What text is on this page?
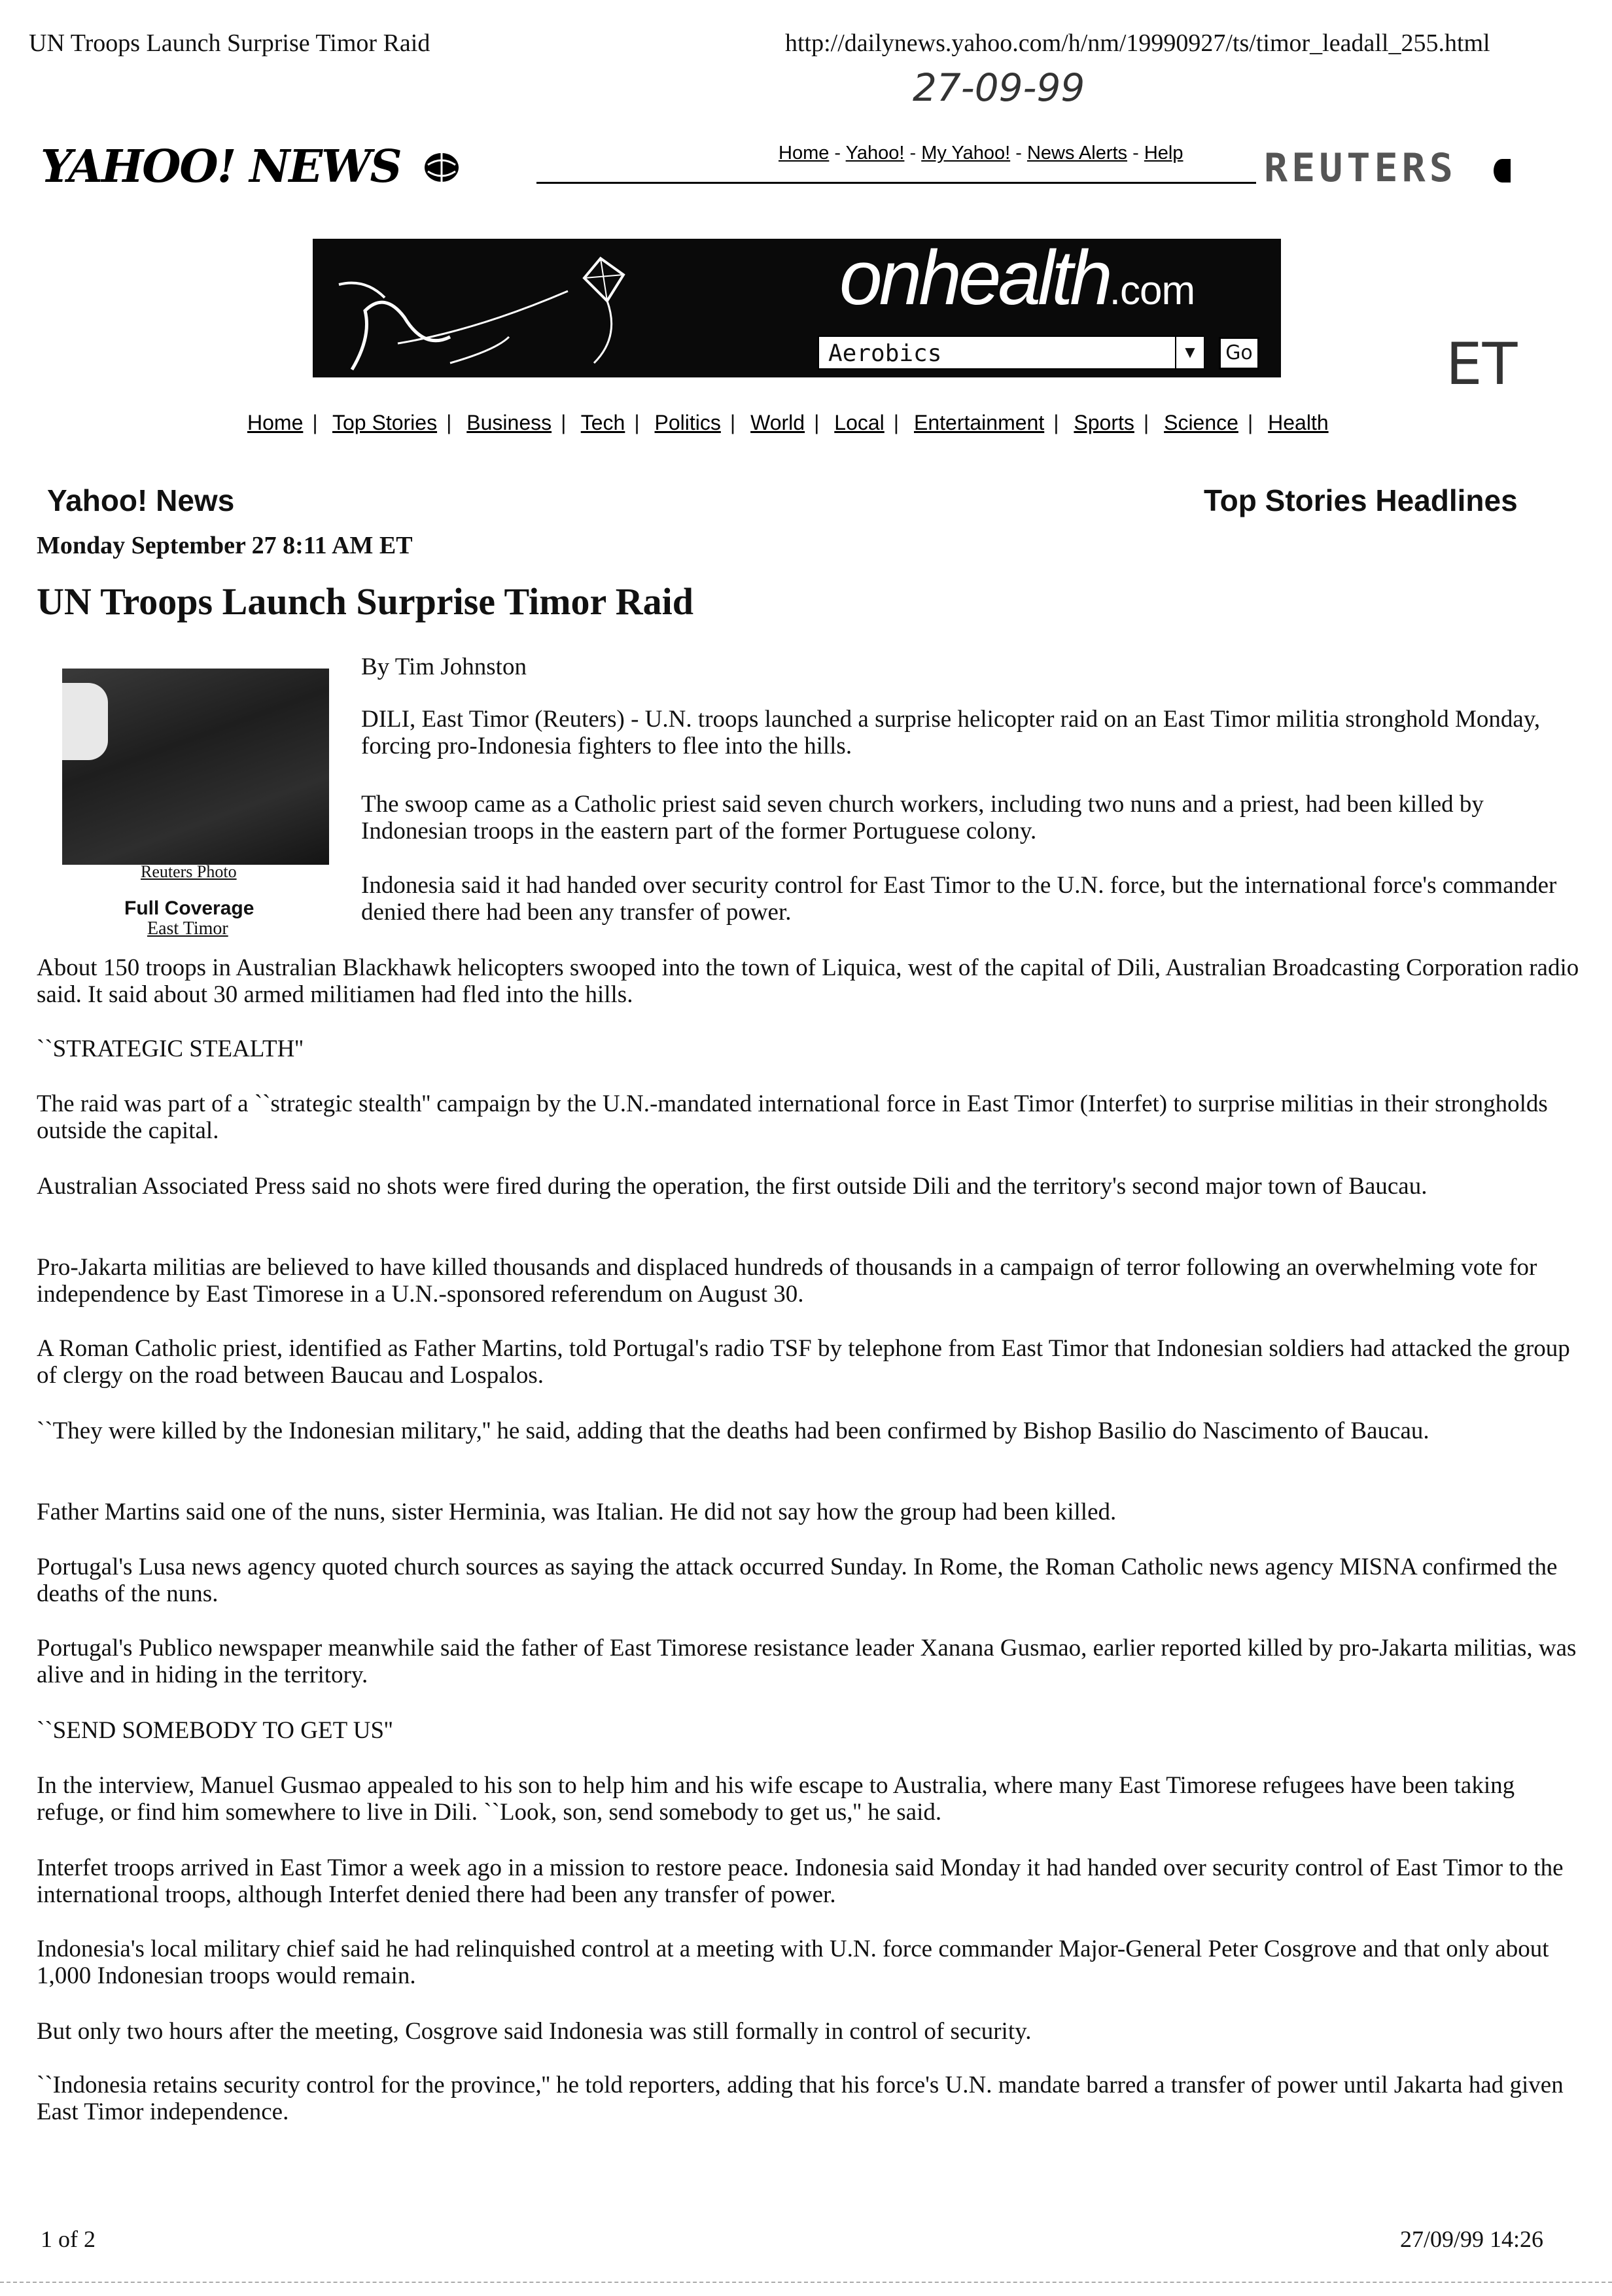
UN Troops Launch Surprise Timor Raid	http://dailynews.yahoo.com/h/nm/19990927/ts/timor_leadall_255.html
27-09-99
ET
YAHOO! NEWS	Home - Yahoo! - My Yahoo! - News Alerts - Help REUTERS
onhealth.com
Aerobics	▼	Go
Home | Top Stories | Business | Tech | Politics | World | Local | Entertainment | Sports | Science | Health
Yahoo! News	Top Stories Headlines
Monday September 27 8:11 AM ET
UN Troops Launch Surprise Timor Raid
Reuters Photo
Full Coverage
East Timor
By Tim Johnston

DILI, East Timor (Reuters) - U.N. troops launched a surprise helicopter raid on an East Timor militia stronghold Monday, forcing pro-Indonesia fighters to flee into the hills.

The swoop came as a Catholic priest said seven church workers, including two nuns and a priest, had been killed by Indonesian troops in the eastern part of the former Portuguese colony.

Indonesia said it had handed over security control for East Timor to the U.N. force, but the international force's commander denied there had been any transfer of power.

About 150 troops in Australian Blackhawk helicopters swooped into the town of Liquica, west of the capital of Dili, Australian Broadcasting Corporation radio said. It said about 30 armed militiamen had fled into the hills.

``STRATEGIC STEALTH''

The raid was part of a ``strategic stealth'' campaign by the U.N.-mandated international force in East Timor (Interfet) to surprise militias in their strongholds outside the capital.

Australian Associated Press said no shots were fired during the operation, the first outside Dili and the territory's second major town of Baucau.

Pro-Jakarta militias are believed to have killed thousands and displaced hundreds of thousands in a campaign of terror following an overwhelming vote for independence by East Timorese in a U.N.-sponsored referendum on August 30.

A Roman Catholic priest, identified as Father Martins, told Portugal's radio TSF by telephone from East Timor that Indonesian soldiers had attacked the group of clergy on the road between Baucau and Lospalos.

``They were killed by the Indonesian military,'' he said, adding that the deaths had been confirmed by Bishop Basilio do Nascimento of Baucau.

Father Martins said one of the nuns, sister Herminia, was Italian. He did not say how the group had been killed.

Portugal's Lusa news agency quoted church sources as saying the attack occurred Sunday. In Rome, the Roman Catholic news agency MISNA confirmed the deaths of the nuns.

Portugal's Publico newspaper meanwhile said the father of East Timorese resistance leader Xanana Gusmao, earlier reported killed by pro-Jakarta militias, was alive and in hiding in the territory.

``SEND SOMEBODY TO GET US''

In the interview, Manuel Gusmao appealed to his son to help him and his wife escape to Australia, where many East Timorese refugees have been taking refuge, or find him somewhere to live in Dili. ``Look, son, send somebody to get us,'' he said.

Interfet troops arrived in East Timor a week ago in a mission to restore peace. Indonesia said Monday it had handed over security control of East Timor to the international troops, although Interfet denied there had been any transfer of power.

Indonesia's local military chief said he had relinquished control at a meeting with U.N. force commander Major-General Peter Cosgrove and that only about 1,000 Indonesian troops would remain.

But only two hours after the meeting, Cosgrove said Indonesia was still formally in control of security.

``Indonesia retains security control for the province,'' he told reporters, adding that his force's U.N. mandate barred a transfer of power until Jakarta had given East Timor independence.

1 of 2	27/09/99 14:26
